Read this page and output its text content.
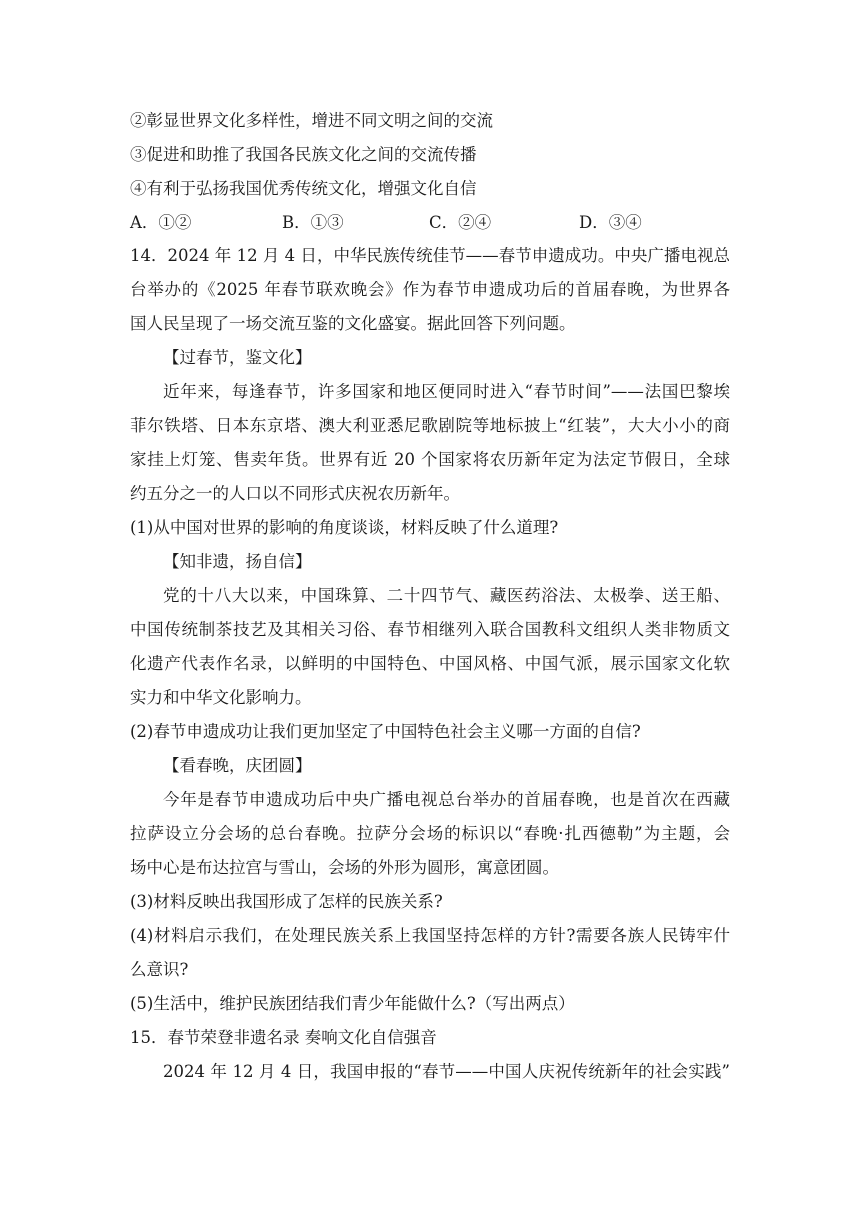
②彰显世界文化多样性，增进不同文明之间的交流
③促进和助推了我国各民族文化之间的交流传播
④有利于弘扬我国优秀传统文化，增强文化自信
A．①②	B．①③	C．②④	D．③④
14．2024 年 12 月 4 日，中华民族传统佳节——春节申遗成功。中央广播电视总
台举办的《2025 年春节联欢晚会》作为春节申遗成功后的首届春晚，为世界各
国人民呈现了一场交流互鉴的文化盛宴。据此回答下列问题。
【过春节，鉴文化】
近年来，每逢春节，许多国家和地区便同时进入“春节时间”——法国巴黎埃
菲尔铁塔、日本东京塔、澳大利亚悉尼歌剧院等地标披上“红装”，大大小小的商
家挂上灯笼、售卖年货。世界有近 20 个国家将农历新年定为法定节假日，全球
约五分之一的人口以不同形式庆祝农历新年。
(1)从中国对世界的影响的角度谈谈，材料反映了什么道理?
【知非遗，扬自信】
党的十八大以来，中国珠算、二十四节气、藏医药浴法、太极拳、送王船、
中国传统制茶技艺及其相关习俗、春节相继列入联合国教科文组织人类非物质文
化遗产代表作名录，以鲜明的中国特色、中国风格、中国气派，展示国家文化软
实力和中华文化影响力。
(2)春节申遗成功让我们更加坚定了中国特色社会主义哪一方面的自信?
【看春晚，庆团圆】
今年是春节申遗成功后中央广播电视总台举办的首届春晚，也是首次在西藏
拉萨设立分会场的总台春晚。拉萨分会场的标识以“春晚·扎西德勒”为主题，会
场中心是布达拉宫与雪山，会场的外形为圆形，寓意团圆。
(3)材料反映出我国形成了怎样的民族关系?
(4)材料启示我们，在处理民族关系上我国坚持怎样的方针?需要各族人民铸牢什
么意识?
(5)生活中，维护民族团结我们青少年能做什么?（写出两点）
15．春节荣登非遗名录 奏响文化自信强音
2024 年 12 月 4 日，我国申报的“春节——中国人庆祝传统新年的社会实践”
